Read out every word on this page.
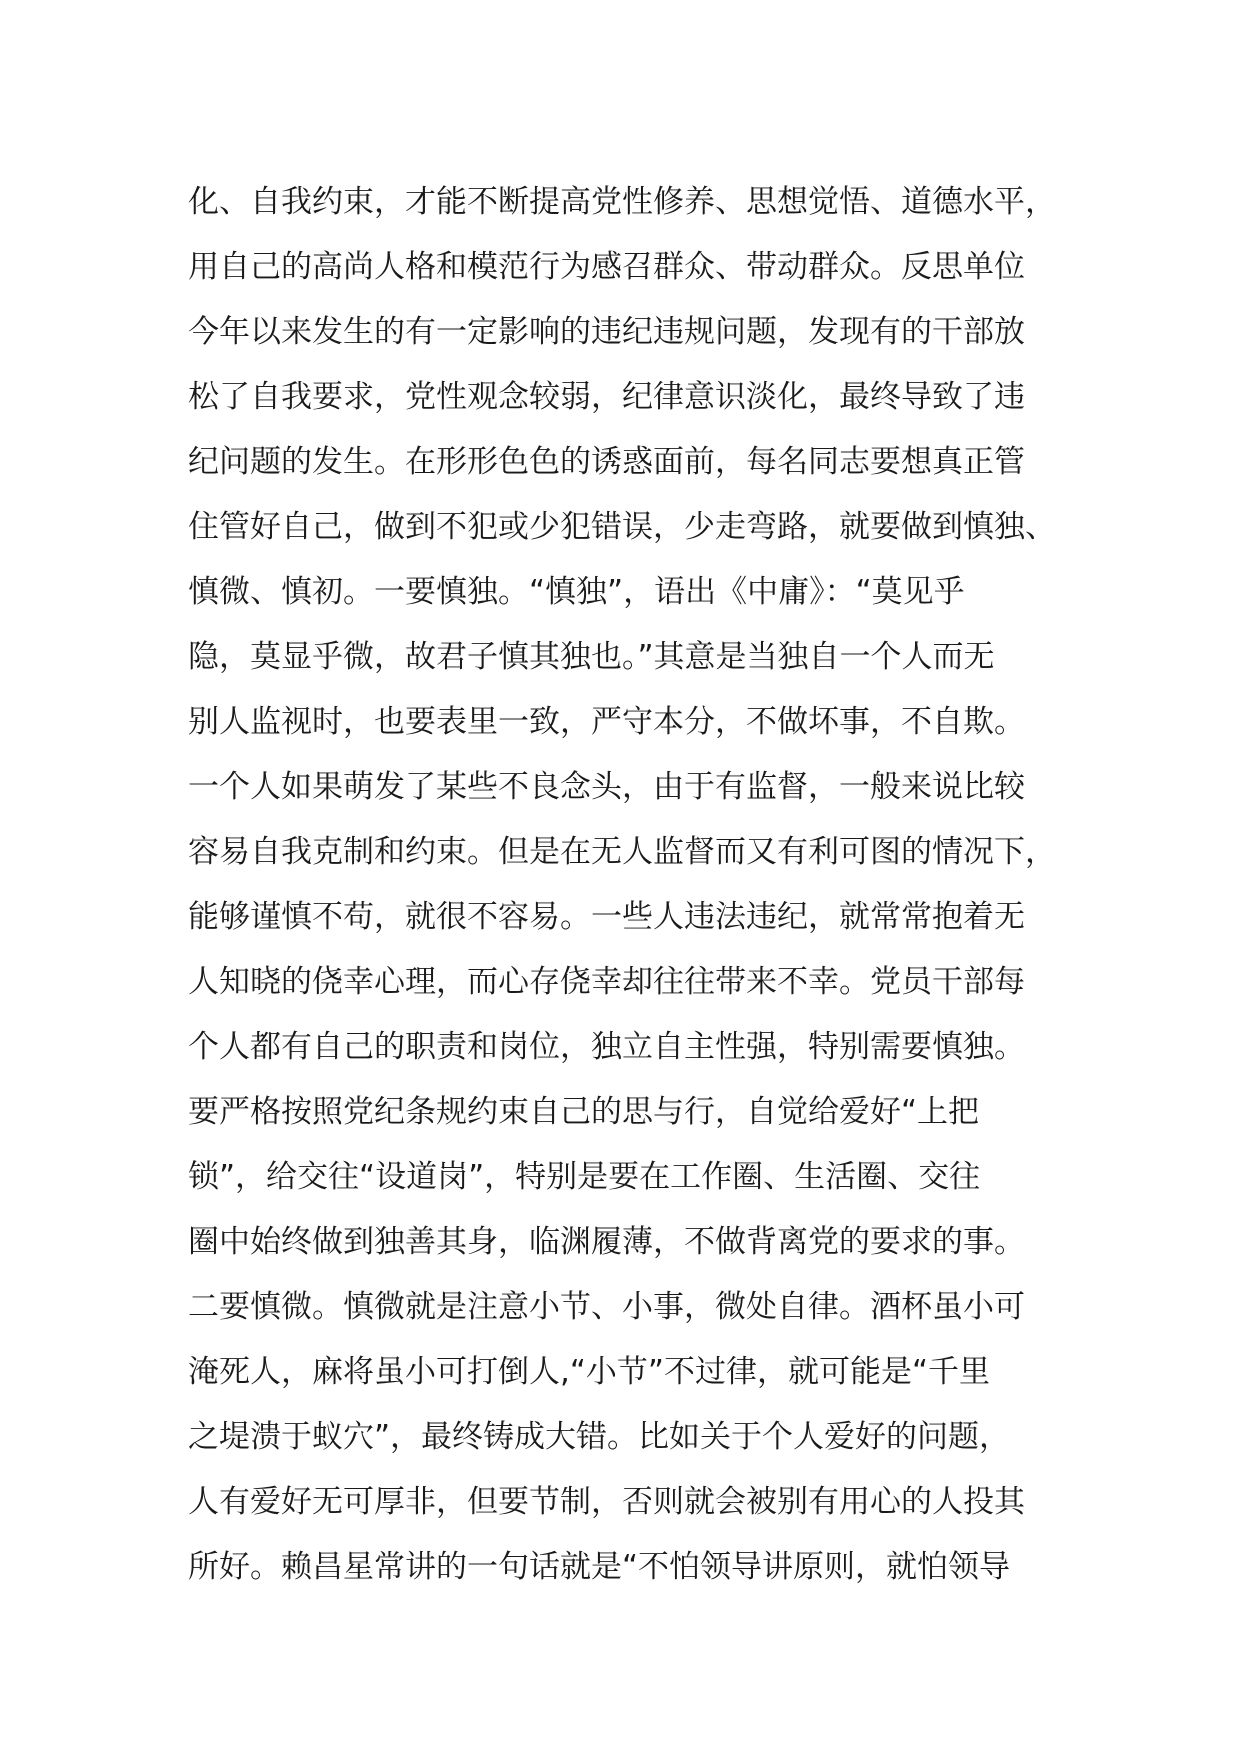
化、自我约束，才能不断提高党性修养、思想觉悟、道德水平，
用自己的高尚人格和模范行为感召群众、带动群众。反思单位
今年以来发生的有一定影响的违纪违规问题，发现有的干部放
松了自我要求，党性观念较弱，纪律意识淡化，最终导致了违
纪问题的发生。在形形色色的诱惑面前，每名同志要想真正管
住管好自己，做到不犯或少犯错误，少走弯路，就要做到慎独、
慎微、慎初。一要慎独。“慎独”，语出《中庸》：“莫见乎
隐，莫显乎微，故君子慎其独也。”其意是当独自一个人而无
别人监视时，也要表里一致，严守本分，不做坏事，不自欺。
一个人如果萌发了某些不良念头，由于有监督，一般来说比较
容易自我克制和约束。但是在无人监督而又有利可图的情况下，
能够谨慎不苟，就很不容易。一些人违法违纪，就常常抱着无
人知晓的侥幸心理，而心存侥幸却往往带来不幸。党员干部每
个人都有自己的职责和岗位，独立自主性强，特别需要慎独。
要严格按照党纪条规约束自己的思与行，自觉给爱好“上把
锁”，给交往“设道岗”，特别是要在工作圈、生活圈、交往
圈中始终做到独善其身，临渊履薄，不做背离党的要求的事。
二要慎微。慎微就是注意小节、小事，微处自律。酒杯虽小可
淹死人，麻将虽小可打倒人,“小节”不过律，就可能是“千里
之堤溃于蚁穴”，最终铸成大错。比如关于个人爱好的问题，
人有爱好无可厚非，但要节制，否则就会被别有用心的人投其
所好。赖昌星常讲的一句话就是“不怕领导讲原则，就怕领导
